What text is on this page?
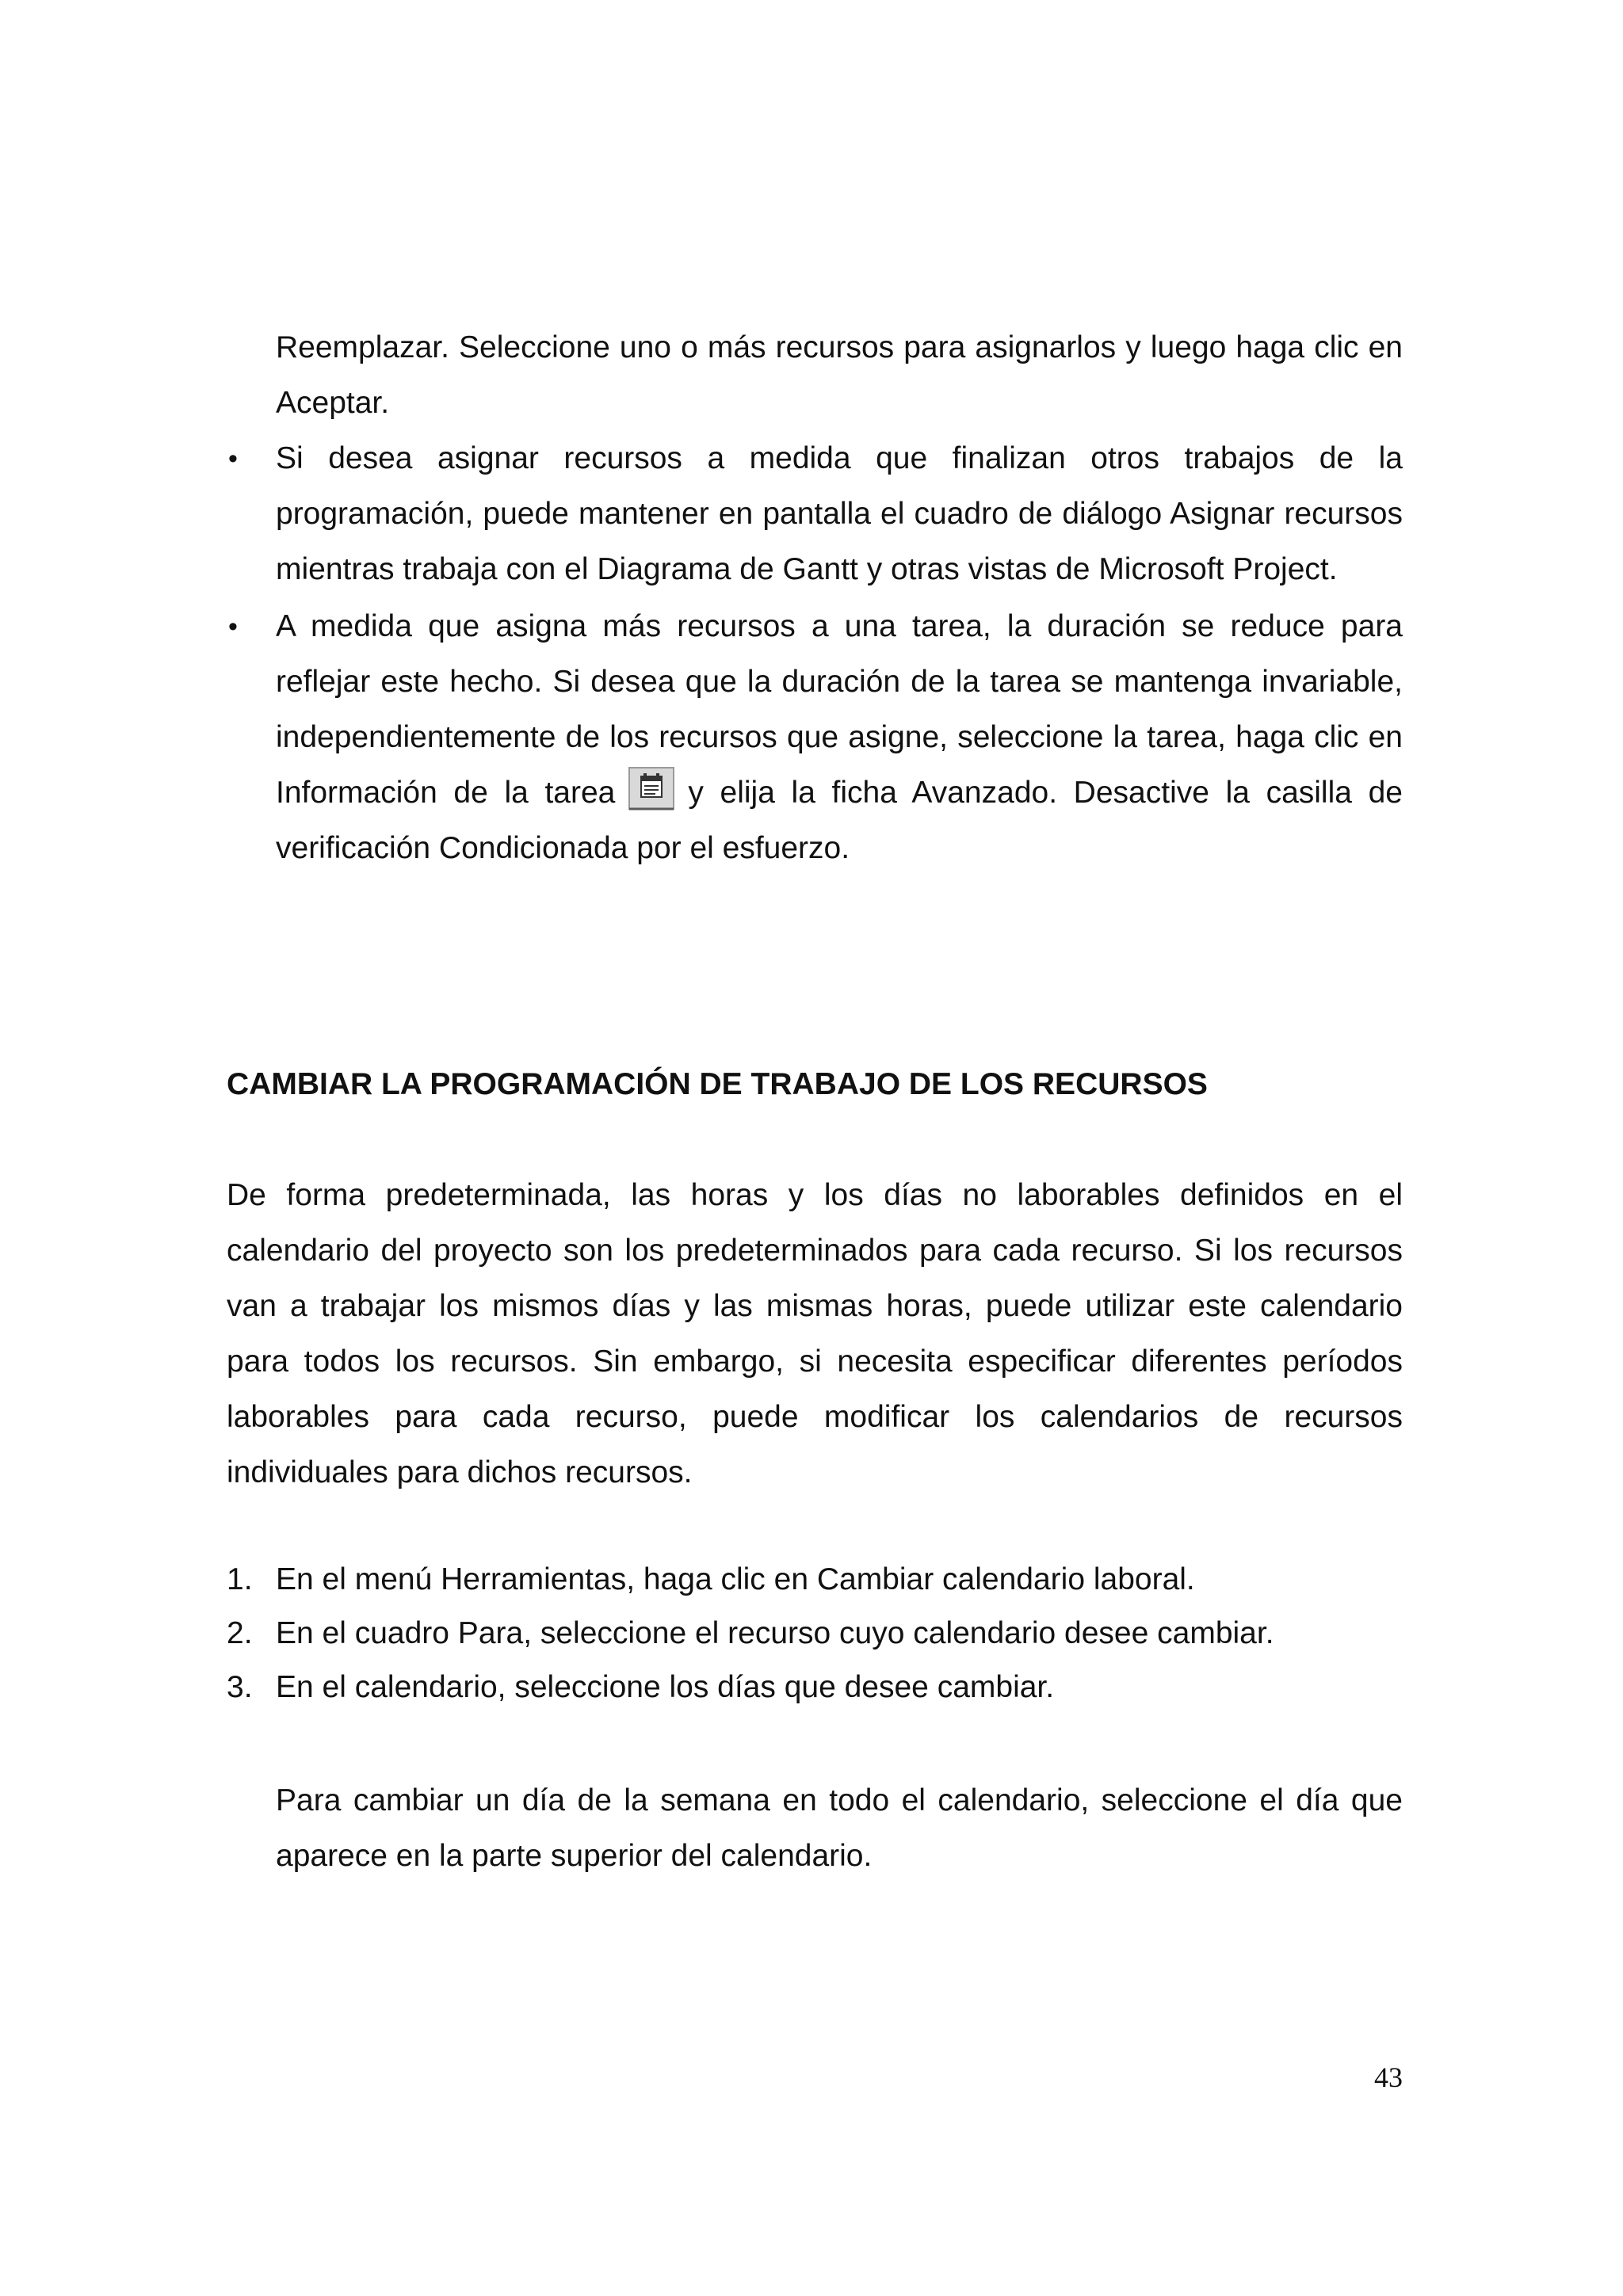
Reemplazar. Seleccione uno o más recursos para asignarlos y luego haga clic en Aceptar.

•	Si desea asignar recursos a medida que finalizan otros trabajos de la programación, puede mantener en pantalla el cuadro de diálogo Asignar recursos mientras trabaja con el Diagrama de Gantt y otras vistas de Microsoft Project.
•	A medida que asigna más recursos a una tarea, la duración se reduce para reflejar este hecho. Si desea que la duración de la tarea se mantenga invariable, independientemente de los recursos que asigne, seleccione la tarea, haga clic en Información de la tarea y elija la ficha Avanzado. Desactive la casilla de verificación Condicionada por el esfuerzo.
CAMBIAR LA PROGRAMACIÓN DE TRABAJO DE LOS RECURSOS

De forma predeterminada, las horas y los días no laborables definidos en el calendario del proyecto son los predeterminados para cada recurso. Si los recursos van a trabajar los mismos días y las mismas horas, puede utilizar este calendario para todos los recursos. Sin embargo, si necesita especificar diferentes períodos laborables para cada recurso, puede modificar los calendarios de recursos individuales para dichos recursos.

1. En el menú Herramientas, haga clic en Cambiar calendario laboral.
2. En el cuadro Para, seleccione el recurso cuyo calendario desee cambiar.
3. En el calendario, seleccione los días que desee cambiar.

Para cambiar un día de la semana en todo el calendario, seleccione el día que aparece en la parte superior del calendario.

43
